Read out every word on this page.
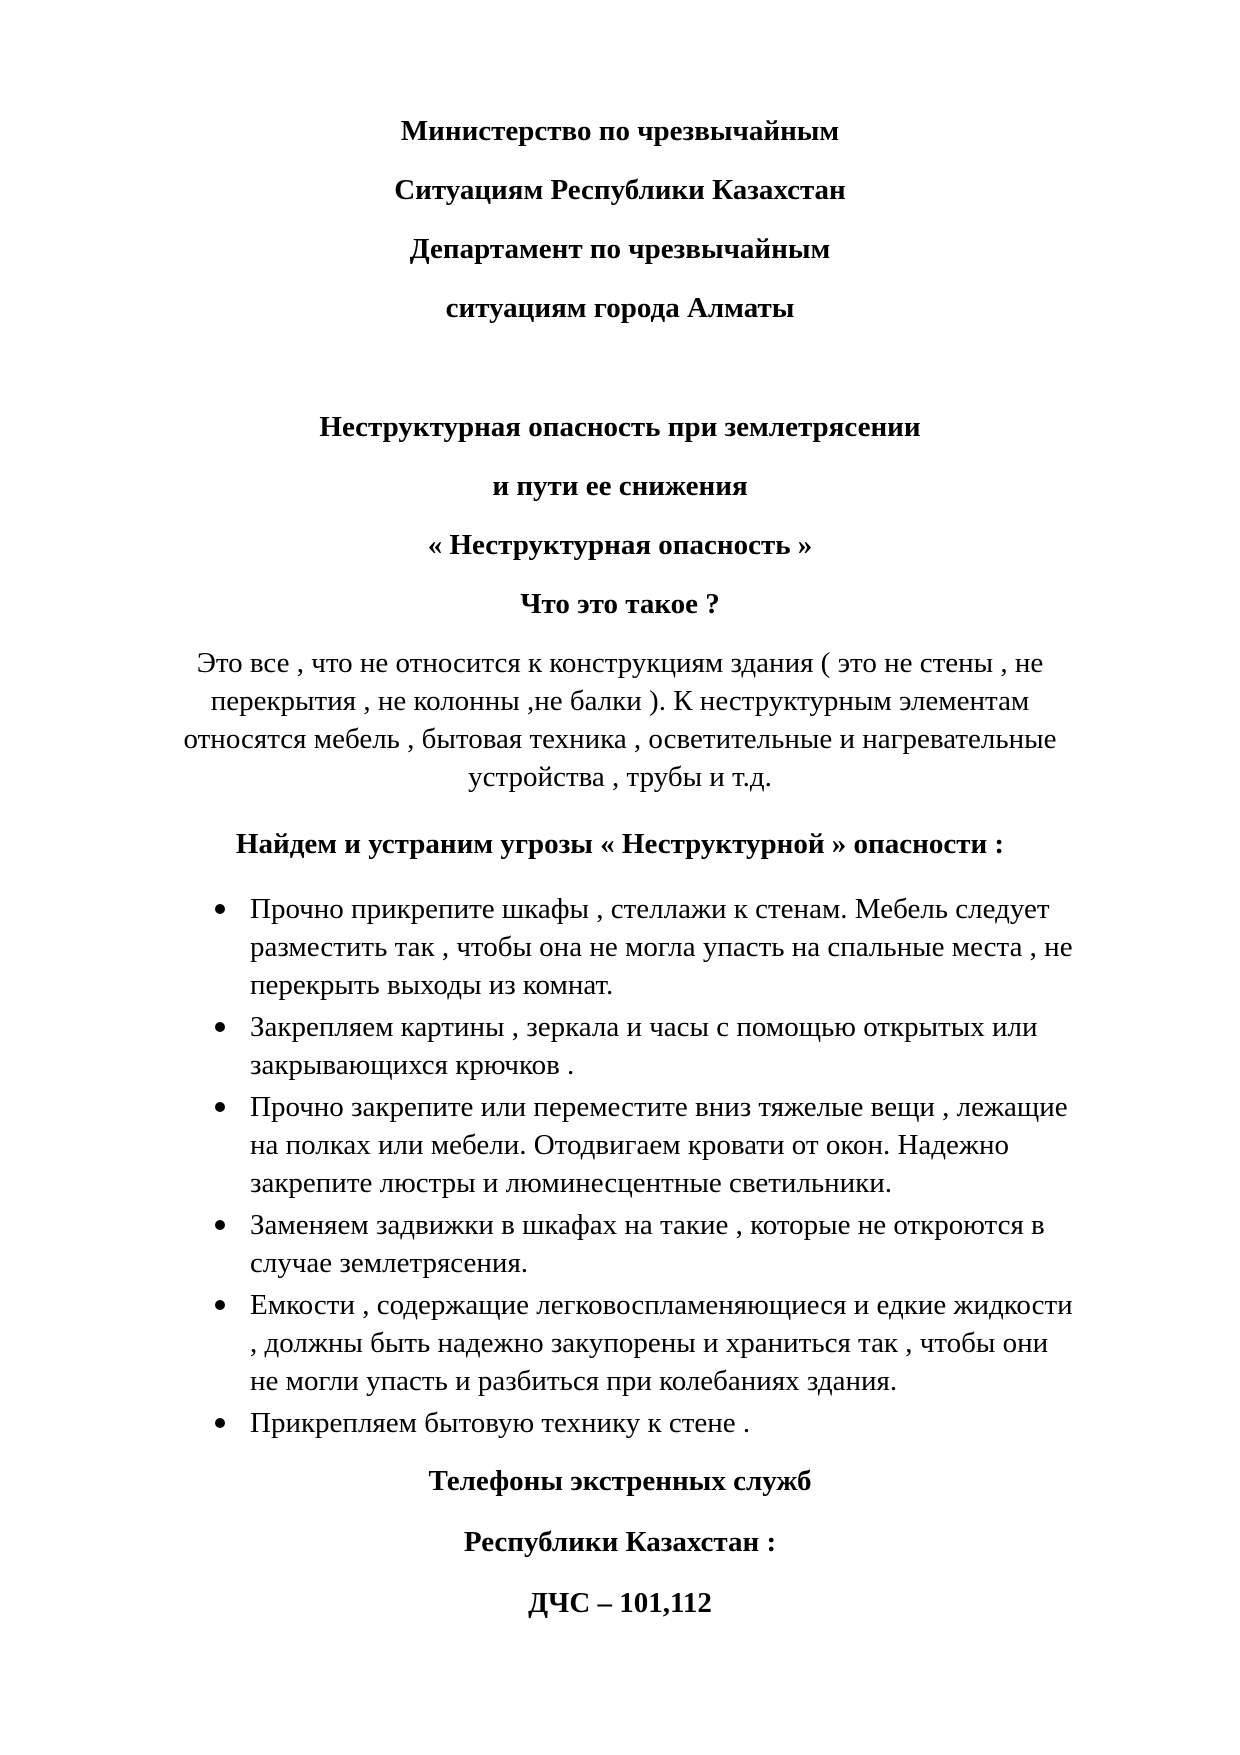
Министерство по чрезвычайным

Ситуациям Республики Казахстан

Департамент по чрезвычайным

ситуациям города Алматы

Неструктурная опасность при землетрясении

и пути ее снижения

« Неструктурная опасность »

Что это такое ?

Это все , что не относится к конструкциям здания ( это не стены , не перекрытия , не колонны ,не балки ). К неструктурным элементам относятся мебель , бытовая техника , осветительные и нагревательные устройства , трубы и т.д.

Найдем и устраним угрозы « Неструктурной » опасности :

Прочно прикрепите шкафы , стеллажи к стенам. Мебель следует разместить так , чтобы она не могла упасть на спальные места , не перекрыть выходы из комнат.
Закрепляем картины , зеркала и часы с помощью открытых или закрывающихся крючков .
Прочно закрепите или переместите вниз тяжелые вещи , лежащие на полках или мебели. Отодвигаем кровати от окон. Надежно закрепите люстры и люминесцентные светильники.
Заменяем задвижки в шкафах на такие , которые не откроются в случае землетрясения.
Емкости , содержащие легковоспламеняющиеся и едкие жидкости , должны быть надежно закупорены и храниться так , чтобы они не могли упасть и разбиться при колебаниях здания.
Прикрепляем бытовую технику к стене .

Телефоны экстренных служб

Республики Казахстан :

ДЧС – 101,112
